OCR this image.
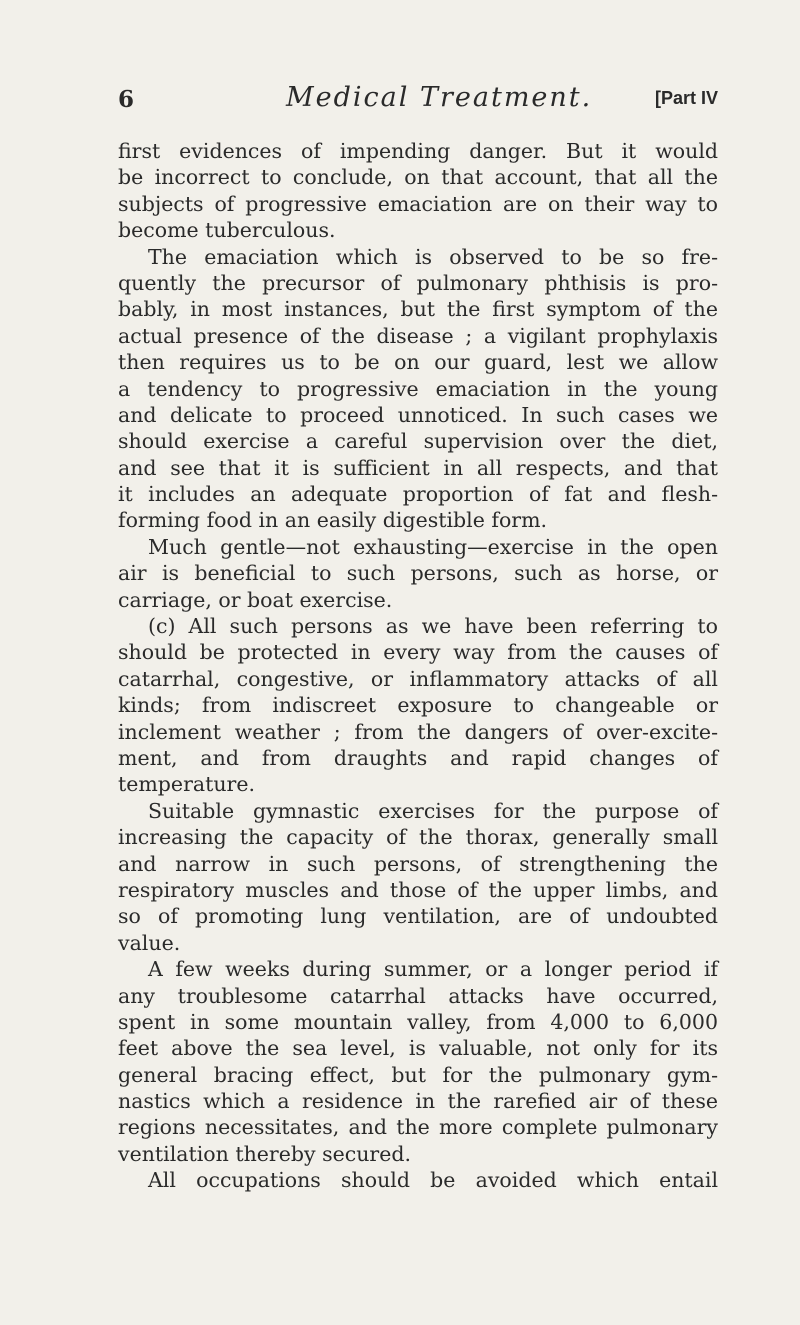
6	Medical Treatment.	[Part IV
first evidences of impending danger. But it would
be incorrect to conclude, on that account, that all the
subjects of progressive emaciation are on their way to
become tuberculous.
The emaciation which is observed to be so fre-
quently the precursor of pulmonary phthisis is pro-
bably, in most instances, but the first symptom of the
actual presence of the disease ; a vigilant prophylaxis
then requires us to be on our guard, lest we allow
a tendency to progressive emaciation in the young
and delicate to proceed unnoticed. In such cases we
should exercise a careful supervision over the diet,
and see that it is sufficient in all respects, and that
it includes an adequate proportion of fat and flesh-
forming food in an easily digestible form.
Much gentle—not exhausting—exercise in the open
air is beneficial to such persons, such as horse, or
carriage, or boat exercise.
(c) All such persons as we have been referring to
should be protected in every way from the causes of
catarrhal, congestive, or inflammatory attacks of all
kinds; from indiscreet exposure to changeable or
inclement weather ; from the dangers of over-excite-
ment, and from draughts and rapid changes of
temperature.
Suitable gymnastic exercises for the purpose of
increasing the capacity of the thorax, generally small
and narrow in such persons, of strengthening the
respiratory muscles and those of the upper limbs, and
so of promoting lung ventilation, are of undoubted
value.
A few weeks during summer, or a longer period if
any troublesome catarrhal attacks have occurred,
spent in some mountain valley, from 4,000 to 6,000
feet above the sea level, is valuable, not only for its
general bracing effect, but for the pulmonary gym-
nastics which a residence in the rarefied air of these
regions necessitates, and the more complete pulmonary
ventilation thereby secured.
All occupations should be avoided which entail
